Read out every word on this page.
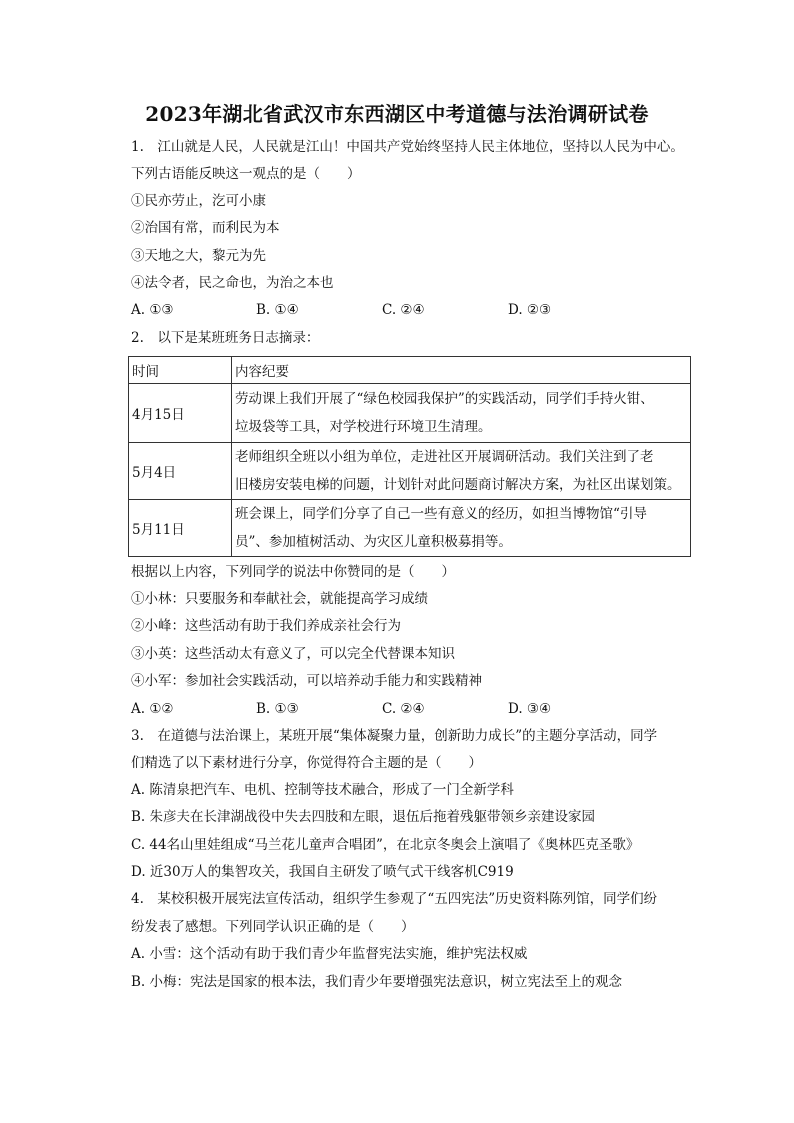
2023年湖北省武汉市东西湖区中考道德与法治调研试卷
1.　江山就是人民，人民就是江山！中国共产党始终坚持人民主体地位，坚持以人民为中心。
下列古语能反映这一观点的是（　　）
①民亦劳止，汔可小康
②治国有常，而利民为本
③天地之大，黎元为先
④法令者，民之命也，为治之本也
A. ①③	B. ①④	C. ②④	D. ②③
2.　以下是某班班务日志摘录：
时间	内容纪要
4月15日	劳动课上我们开展了“绿色校园我保护”的实践活动，同学们手持火钳、
垃圾袋等工具，对学校进行环境卫生清理。

5月4日	老师组织全班以小组为单位，走进社区开展调研活动。我们关注到了老
旧楼房安装电梯的问题，计划针对此问题商讨解决方案，为社区出谋划策。

5月11日	班会课上，同学们分享了自己一些有意义的经历，如担当博物馆“引导
员”、参加植树活动、为灾区儿童积极募捐等。
根据以上内容，下列同学的说法中你赞同的是（　　）
①小林：只要服务和奉献社会，就能提高学习成绩
②小峰：这些活动有助于我们养成亲社会行为
③小英：这些活动太有意义了，可以完全代替课本知识
④小军：参加社会实践活动，可以培养动手能力和实践精神
A. ①②	B. ①③	C. ②④	D. ③④
3.　在道德与法治课上，某班开展“集体凝聚力量，创新助力成长”的主题分享活动，同学
们精选了以下素材进行分享，你觉得符合主题的是（　　）
A. 陈清泉把汽车、电机、控制等技术融合，形成了一门全新学科
B. 朱彦夫在长津湖战役中失去四肢和左眼，退伍后拖着残躯带领乡亲建设家园
C. 44名山里娃组成“马兰花儿童声合唱团”，在北京冬奥会上演唱了《奥林匹克圣歌》
D. 近30万人的集智攻关，我国自主研发了喷气式干线客机C919
4.　某校积极开展宪法宣传活动，组织学生参观了“五四宪法”历史资料陈列馆，同学们纷
纷发表了感想。下列同学认识正确的是（　　）
A. 小雪：这个活动有助于我们青少年监督宪法实施，维护宪法权威
B. 小梅：宪法是国家的根本法，我们青少年要增强宪法意识，树立宪法至上的观念
